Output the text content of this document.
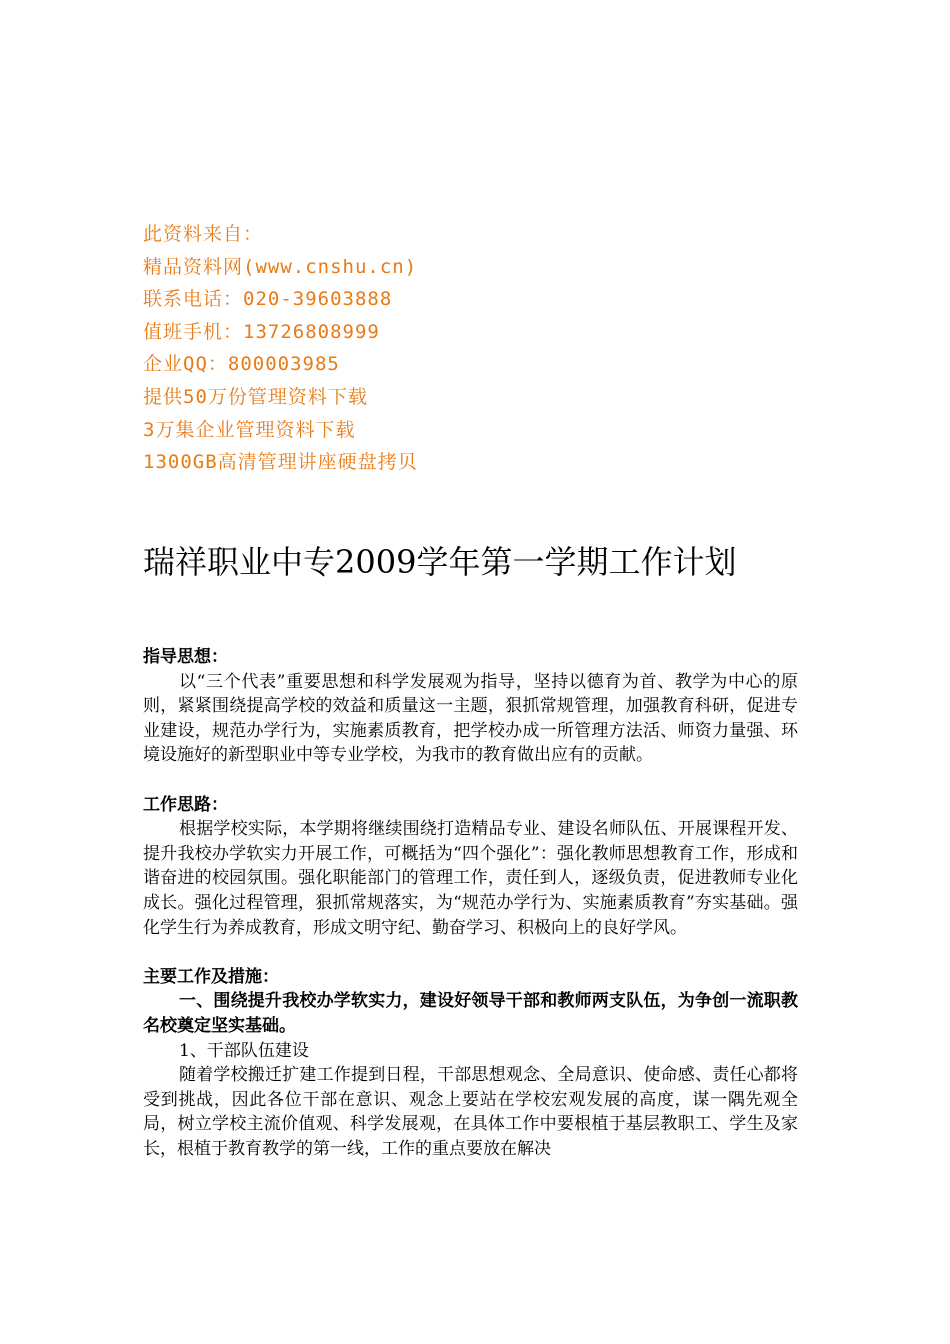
此资料来自：
精品资料网(www.cnshu.cn)
联系电话：020-39603888
值班手机：13726808999
企业QQ：800003985
提供50万份管理资料下载
3万集企业管理资料下载
1300GB高清管理讲座硬盘拷贝
瑞祥职业中专2009学年第一学期工作计划
指导思想：

以“三个代表”重要思想和科学发展观为指导，坚持以德育为首、教学为中心的原则，紧紧围绕提高学校的效益和质量这一主题，狠抓常规管理，加强教育科研，促进专业建设，规范办学行为，实施素质教育，把学校办成一所管理方法活、师资力量强、环境设施好的新型职业中等专业学校，为我市的教育做出应有的贡献。

工作思路：

根据学校实际，本学期将继续围绕打造精品专业、建设名师队伍、开展课程开发、提升我校办学软实力开展工作，可概括为“四个强化”：强化教师思想教育工作，形成和谐奋进的校园氛围。强化职能部门的管理工作，责任到人，逐级负责，促进教师专业化成长。强化过程管理，狠抓常规落实，为“规范办学行为、实施素质教育”夯实基础。强化学生行为养成教育，形成文明守纪、勤奋学习、积极向上的良好学风。

主要工作及措施：

一、围绕提升我校办学软实力，建设好领导干部和教师两支队伍，为争创一流职教名校奠定坚实基础。

1、干部队伍建设

随着学校搬迁扩建工作提到日程，干部思想观念、全局意识、使命感、责任心都将受到挑战，因此各位干部在意识、观念上要站在学校宏观发展的高度，谋一隅先观全局，树立学校主流价值观、科学发展观，在具体工作中要根植于基层教职工、学生及家长，根植于教育教学的第一线，工作的重点要放在解决
